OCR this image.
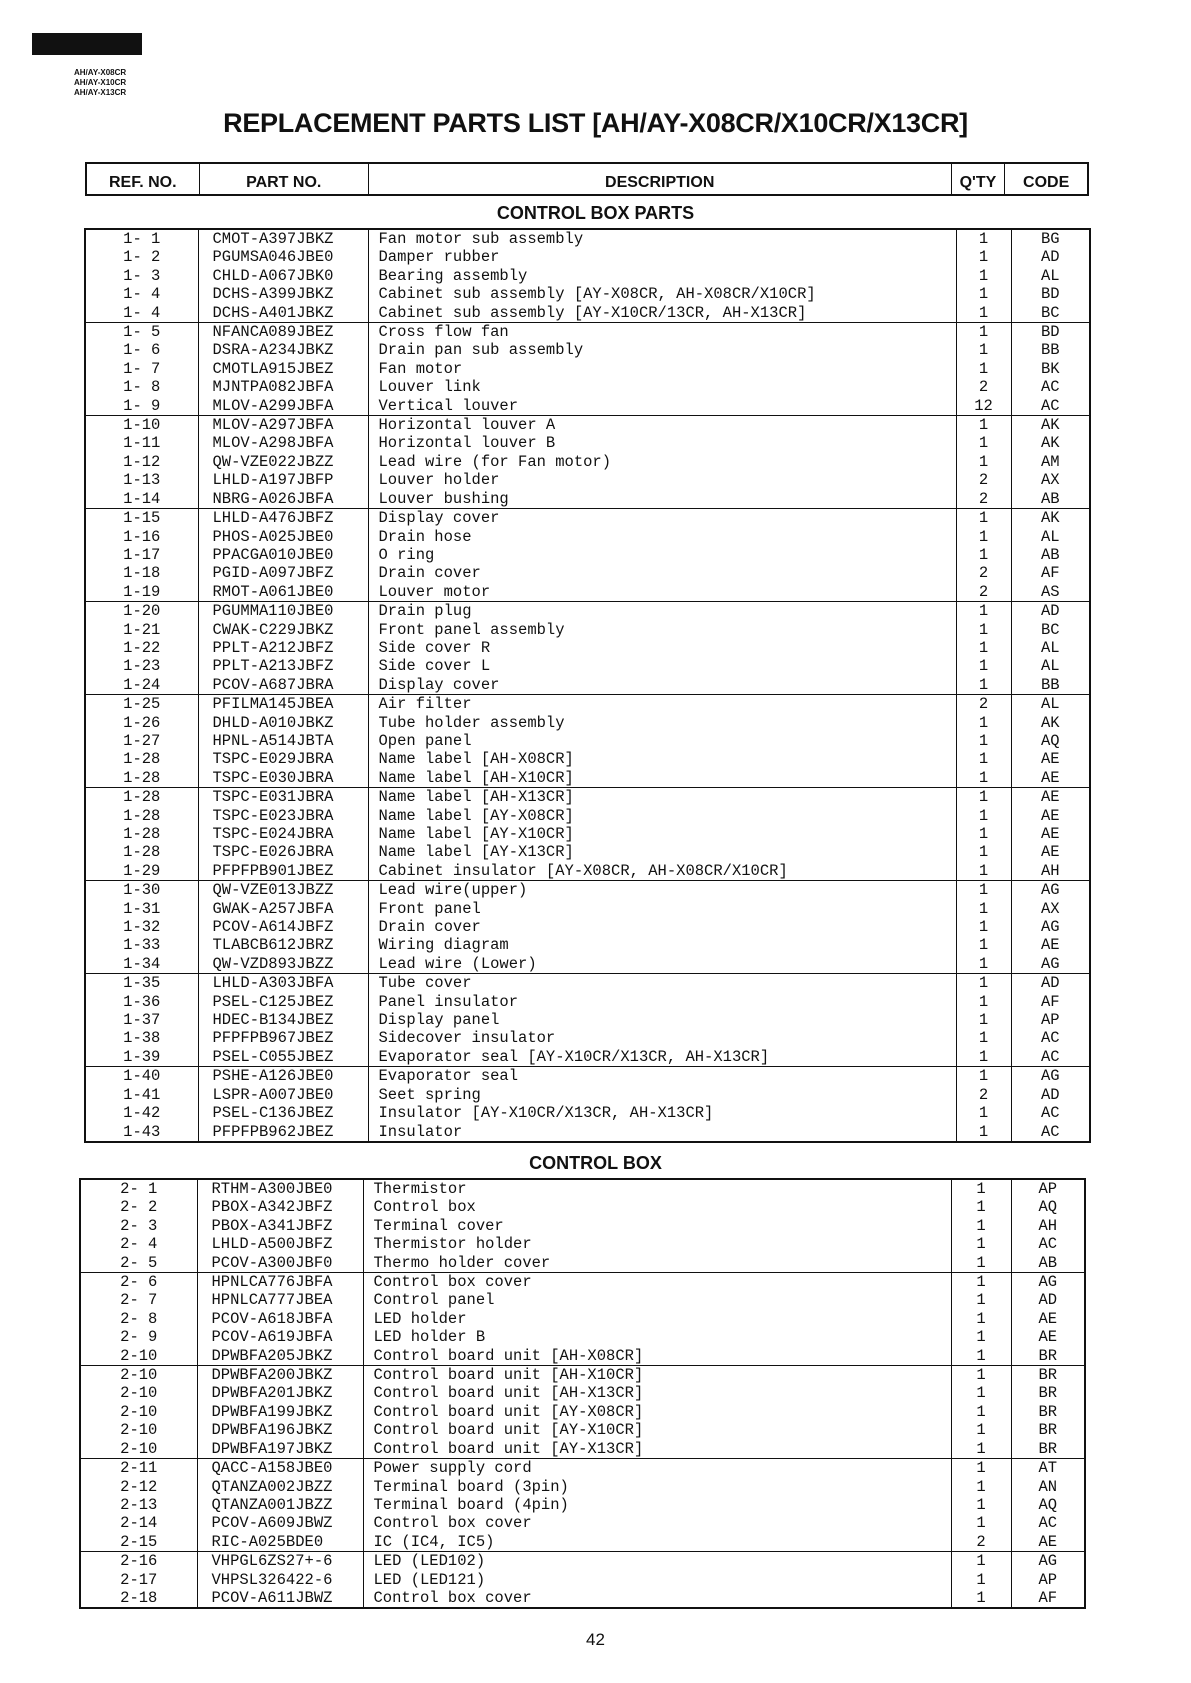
AH/AY-X08CR
AH/AY-X10CR
AH/AY-X13CR
REPLACEMENT PARTS LIST [AH/AY-X08CR/X10CR/X13CR]
REF. NO.	PART NO.	DESCRIPTION	Q'TY	CODE
CONTROL BOX PARTS
1- 1	CMOT-A397JBKZ	Fan motor sub assembly	1	BG
1- 2	PGUMSA046JBE0	Damper rubber	1	AD
1- 3	CHLD-A067JBK0	Bearing assembly	1	AL
1- 4	DCHS-A399JBKZ	Cabinet sub assembly [AY-X08CR, AH-X08CR/X10CR]	1	BD
1- 4	DCHS-A401JBKZ	Cabinet sub assembly [AY-X10CR/13CR, AH-X13CR]	1	BC
1- 5	NFANCA089JBEZ	Cross flow fan	1	BD
1- 6	DSRA-A234JBKZ	Drain pan sub assembly	1	BB
1- 7	CMOTLA915JBEZ	Fan motor	1	BK
1- 8	MJNTPA082JBFA	Louver link	2	AC
1- 9	MLOV-A299JBFA	Vertical louver	12	AC
1-10	MLOV-A297JBFA	Horizontal louver A	1	AK
1-11	MLOV-A298JBFA	Horizontal louver B	1	AK
1-12	QW-VZE022JBZZ	Lead wire (for Fan motor)	1	AM
1-13	LHLD-A197JBFP	Louver holder	2	AX
1-14	NBRG-A026JBFA	Louver bushing	2	AB
1-15	LHLD-A476JBFZ	Display cover	1	AK
1-16	PHOS-A025JBE0	Drain hose	1	AL
1-17	PPACGA010JBE0	O ring	1	AB
1-18	PGID-A097JBFZ	Drain cover	2	AF
1-19	RMOT-A061JBE0	Louver motor	2	AS
1-20	PGUMMA110JBE0	Drain plug	1	AD
1-21	CWAK-C229JBKZ	Front panel assembly	1	BC
1-22	PPLT-A212JBFZ	Side cover R	1	AL
1-23	PPLT-A213JBFZ	Side cover L	1	AL
1-24	PCOV-A687JBRA	Display cover	1	BB
1-25	PFILMA145JBEA	Air filter	2	AL
1-26	DHLD-A010JBKZ	Tube holder assembly	1	AK
1-27	HPNL-A514JBTA	Open panel	1	AQ
1-28	TSPC-E029JBRA	Name label [AH-X08CR]	1	AE
1-28	TSPC-E030JBRA	Name label [AH-X10CR]	1	AE
1-28	TSPC-E031JBRA	Name label [AH-X13CR]	1	AE
1-28	TSPC-E023JBRA	Name label [AY-X08CR]	1	AE
1-28	TSPC-E024JBRA	Name label [AY-X10CR]	1	AE
1-28	TSPC-E026JBRA	Name label [AY-X13CR]	1	AE
1-29	PFPFPB901JBEZ	Cabinet insulator [AY-X08CR, AH-X08CR/X10CR]	1	AH
1-30	QW-VZE013JBZZ	Lead wire(upper)	1	AG
1-31	GWAK-A257JBFA	Front panel	1	AX
1-32	PCOV-A614JBFZ	Drain cover	1	AG
1-33	TLABCB612JBRZ	Wiring diagram	1	AE
1-34	QW-VZD893JBZZ	Lead wire (Lower)	1	AG
1-35	LHLD-A303JBFA	Tube cover	1	AD
1-36	PSEL-C125JBEZ	Panel insulator	1	AF
1-37	HDEC-B134JBEZ	Display panel	1	AP
1-38	PFPFPB967JBEZ	Sidecover insulator	1	AC
1-39	PSEL-C055JBEZ	Evaporator seal [AY-X10CR/X13CR, AH-X13CR]	1	AC
1-40	PSHE-A126JBE0	Evaporator seal	1	AG
1-41	LSPR-A007JBE0	Seet spring	2	AD
1-42	PSEL-C136JBEZ	Insulator [AY-X10CR/X13CR, AH-X13CR]	1	AC
1-43	PFPFPB962JBEZ	Insulator	1	AC
CONTROL BOX
2- 1	RTHM-A300JBE0	Thermistor	1	AP
2- 2	PBOX-A342JBFZ	Control box	1	AQ
2- 3	PBOX-A341JBFZ	Terminal cover	1	AH
2- 4	LHLD-A500JBFZ	Thermistor holder	1	AC
2- 5	PCOV-A300JBF0	Thermo holder cover	1	AB
2- 6	HPNLCA776JBFA	Control box cover	1	AG
2- 7	HPNLCA777JBEA	Control panel	1	AD
2- 8	PCOV-A618JBFA	LED holder	1	AE
2- 9	PCOV-A619JBFA	LED holder B	1	AE
2-10	DPWBFA205JBKZ	Control board unit [AH-X08CR]	1	BR
2-10	DPWBFA200JBKZ	Control board unit [AH-X10CR]	1	BR
2-10	DPWBFA201JBKZ	Control board unit [AH-X13CR]	1	BR
2-10	DPWBFA199JBKZ	Control board unit [AY-X08CR]	1	BR
2-10	DPWBFA196JBKZ	Control board unit [AY-X10CR]	1	BR
2-10	DPWBFA197JBKZ	Control board unit [AY-X13CR]	1	BR
2-11	QACC-A158JBE0	Power supply cord	1	AT
2-12	QTANZA002JBZZ	Terminal board (3pin)	1	AN
2-13	QTANZA001JBZZ	Terminal board (4pin)	1	AQ
2-14	PCOV-A609JBWZ	Control box cover	1	AC
2-15	RIC-A025BDE0	IC (IC4, IC5)	2	AE
2-16	VHPGL6ZS27+-6	LED (LED102)	1	AG
2-17	VHPSL326422-6	LED (LED121)	1	AP
2-18	PCOV-A611JBWZ	Control box cover	1	AF
42
